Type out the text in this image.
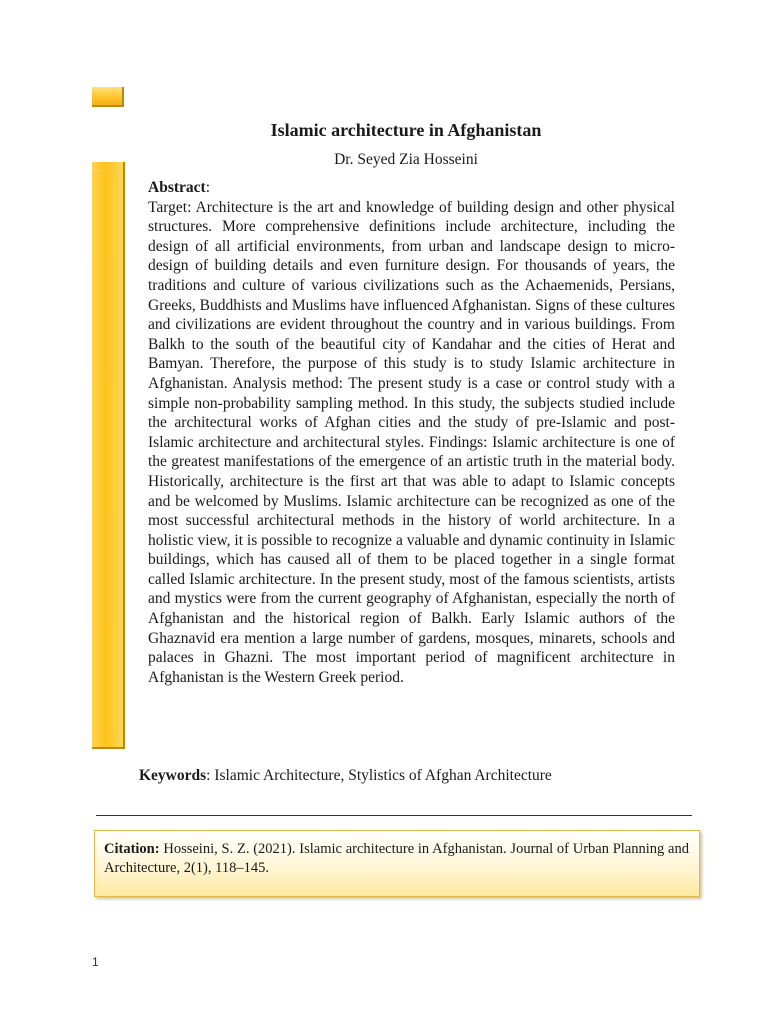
Islamic architecture in Afghanistan
Dr. Seyed Zia Hosseini
Abstract:

Target: Architecture is the art and knowledge of building design and other physical structures. More comprehensive definitions include architecture, including the design of all artificial environments, from urban and landscape design to micro-design of building details and even furniture design. For thousands of years, the traditions and culture of various civilizations such as the Achaemenids, Persians, Greeks, Buddhists and Muslims have influenced Afghanistan. Signs of these cultures and civilizations are evident throughout the country and in various buildings. From Balkh to the south of the beautiful city of Kandahar and the cities of Herat and Bamyan. Therefore, the purpose of this study is to study Islamic architecture in Afghanistan. Analysis method: The present study is a case or control study with a simple non-probability sampling method. In this study, the subjects studied include the architectural works of Afghan cities and the study of pre-Islamic and post-Islamic architecture and architectural styles. Findings: Islamic architecture is one of the greatest manifestations of the emergence of an artistic truth in the material body. Historically, architecture is the first art that was able to adapt to Islamic concepts and be welcomed by Muslims. Islamic architecture can be recognized as one of the most successful architectural methods in the history of world architecture. In a holistic view, it is possible to recognize a valuable and dynamic continuity in Islamic buildings, which has caused all of them to be placed together in a single format called Islamic architecture. In the present study, most of the famous scientists, artists and mystics were from the current geography of Afghanistan, especially the north of Afghanistan and the historical region of Balkh. Early Islamic authors of the Ghaznavid era mention a large number of gardens, mosques, minarets, schools and palaces in Ghazni. The most important period of magnificent architecture in Afghanistan is the Western Greek period.

Keywords: Islamic Architecture, Stylistics of Afghan Architecture
Citation: Hosseini, S. Z. (2021). Islamic architecture in Afghanistan. Journal of Urban Planning and Architecture, 2(1), 118–145.
1
